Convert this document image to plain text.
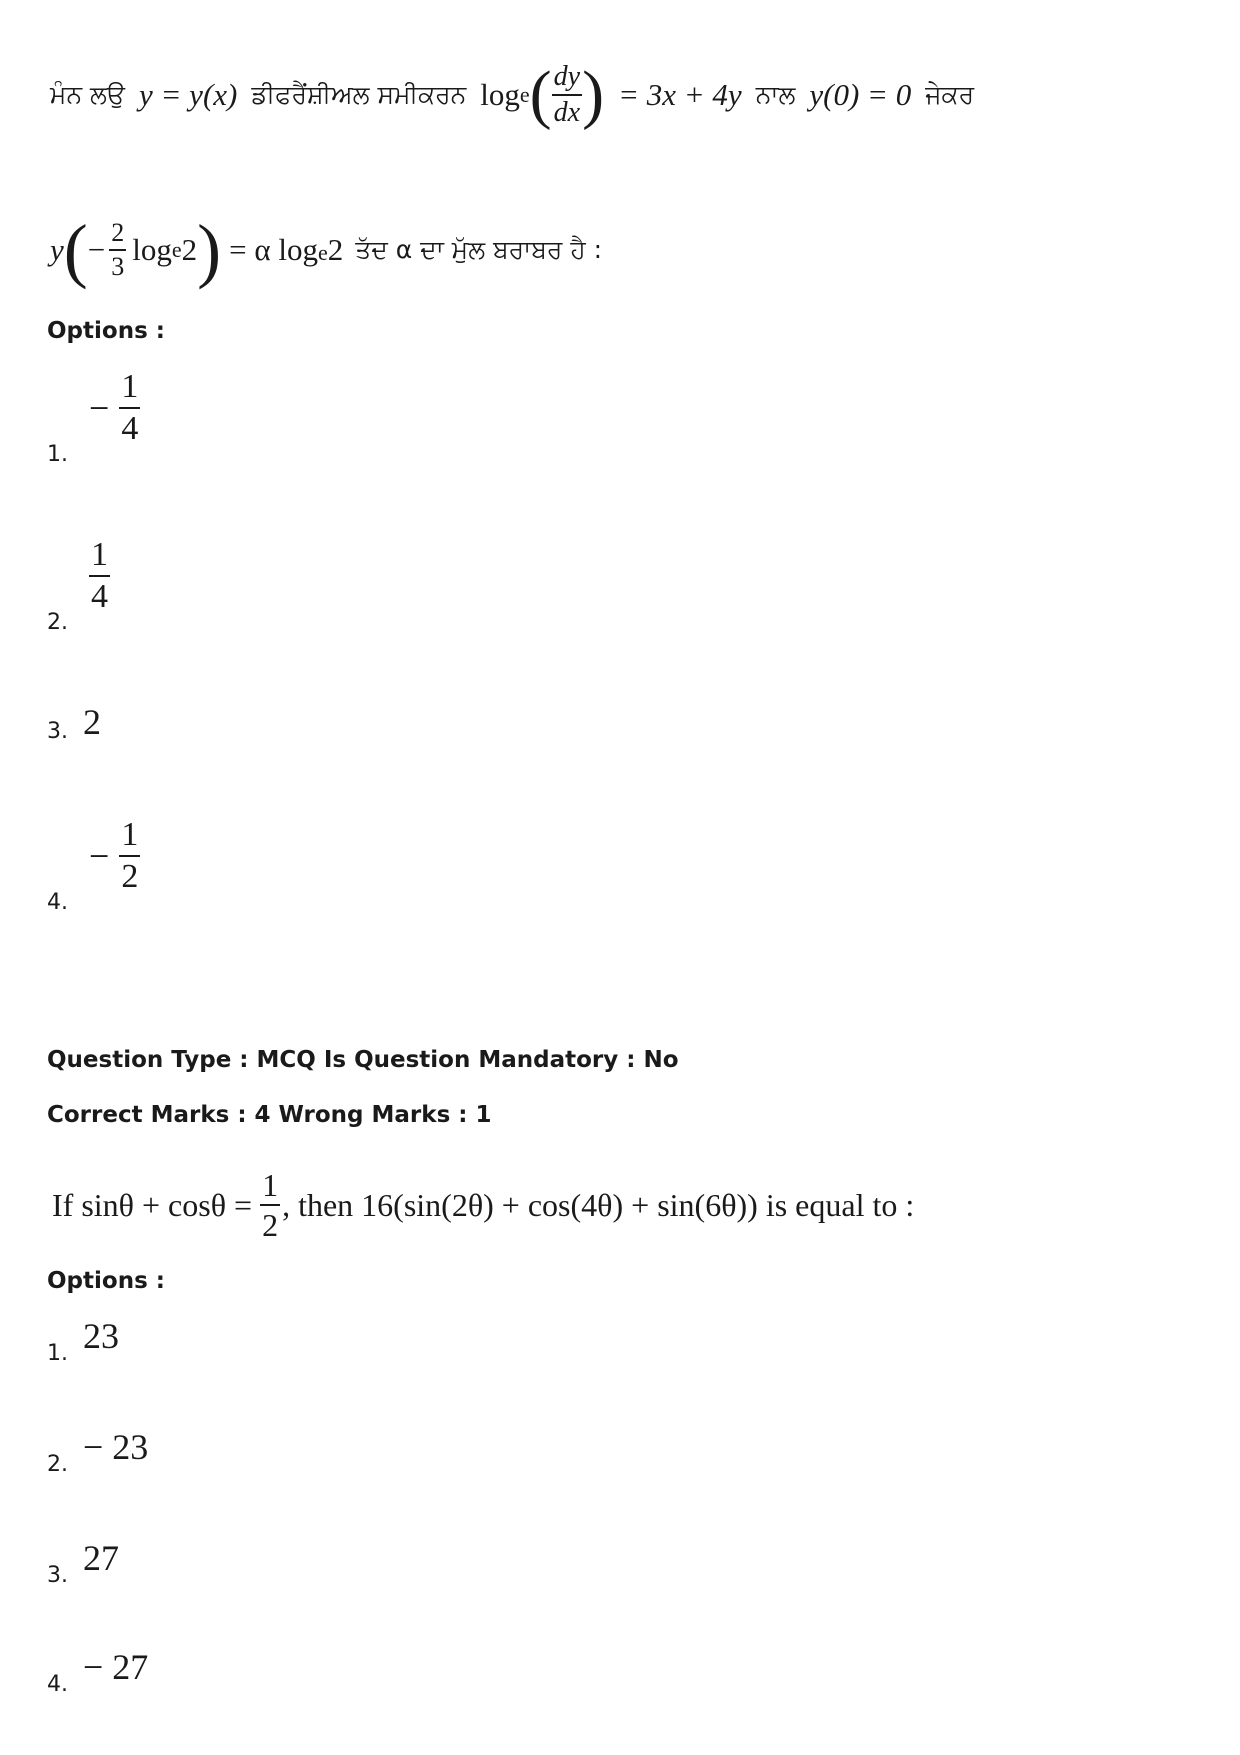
ਮੰਨ ਲਉ y = y(x) ਡੀਫਰੈਂਸ਼ੀਅਲ ਸਮੀਕਰਨ log e ( $\frac{dy}{dx}$ ) = 3x + 4y ਨਾਲ y(0) = 0 ਜੇਕਰ
y ( − $\frac{2}{3}$ log e 2 ) = α log e 2 ਤੱਦ α ਦਾ ਮੁੱਲ ਬਰਾਬਰ ਹੈ :
Options :
1.
− $\frac{1}{4}$
2.
$\frac{1}{4}$
3. 2
4.
− $\frac{1}{2}$
Question Type : MCQ Is Question Mandatory : No
Correct Marks : 4 Wrong Marks : 1
If $\sin\theta + \cos\theta = \frac{1}{2}$ , then 16(sin(2θ) + cos(4θ) + sin(6θ)) is equal to :
Options :
1. 23
2. − 23
3. 27
4. − 27
